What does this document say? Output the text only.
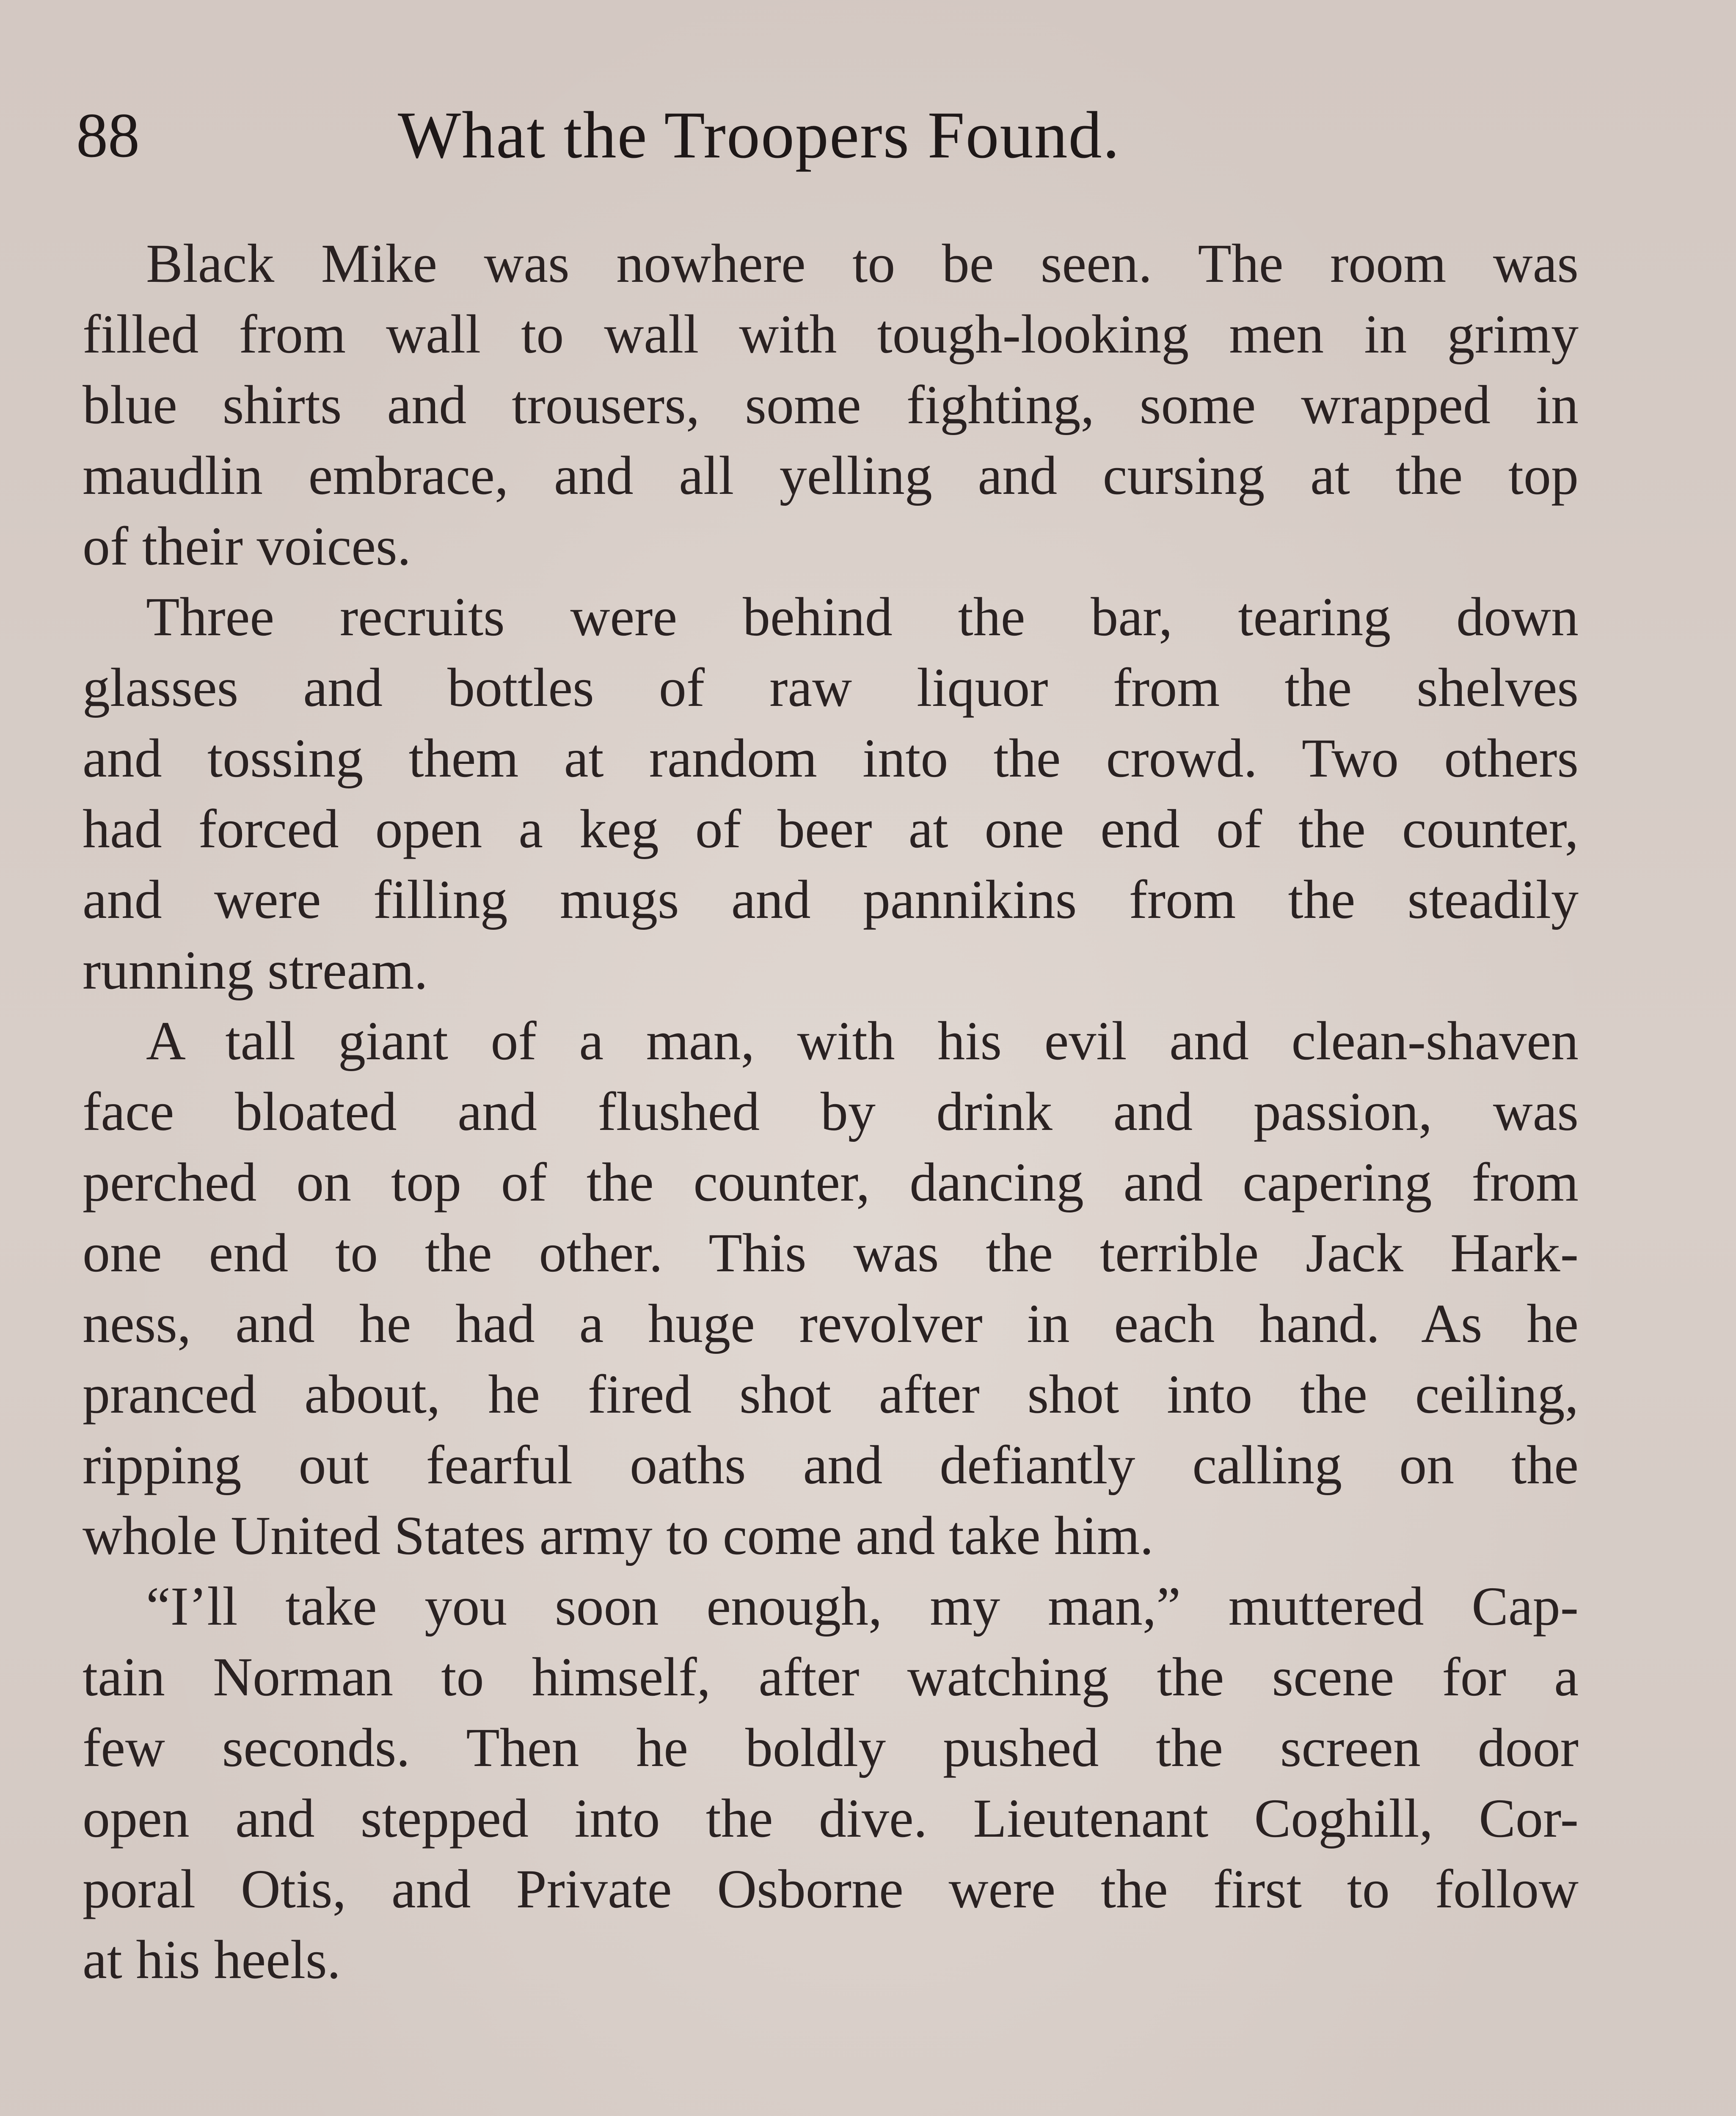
88	What the Troopers Found.

Black Mike was nowhere to be seen. The room was
filled from wall to wall with tough-looking men in grimy
blue shirts and trousers, some fighting, some wrapped in
maudlin embrace, and all yelling and cursing at the top
of their voices.

Three recruits were behind the bar, tearing down
glasses and bottles of raw liquor from the shelves
and tossing them at random into the crowd. Two others
had forced open a keg of beer at one end of the counter,
and were filling mugs and pannikins from the steadily
running stream.

A tall giant of a man, with his evil and clean-shaven
face bloated and flushed by drink and passion, was
perched on top of the counter, dancing and capering from
one end to the other. This was the terrible Jack Hark-
ness, and he had a huge revolver in each hand. As he
pranced about, he fired shot after shot into the ceiling,
ripping out fearful oaths and defiantly calling on the
whole United States army to come and take him.

“I’ll take you soon enough, my man,” muttered Cap-
tain Norman to himself, after watching the scene for a
few seconds. Then he boldly pushed the screen door
open and stepped into the dive. Lieutenant Coghill, Cor-
poral Otis, and Private Osborne were the first to follow
at his heels.
